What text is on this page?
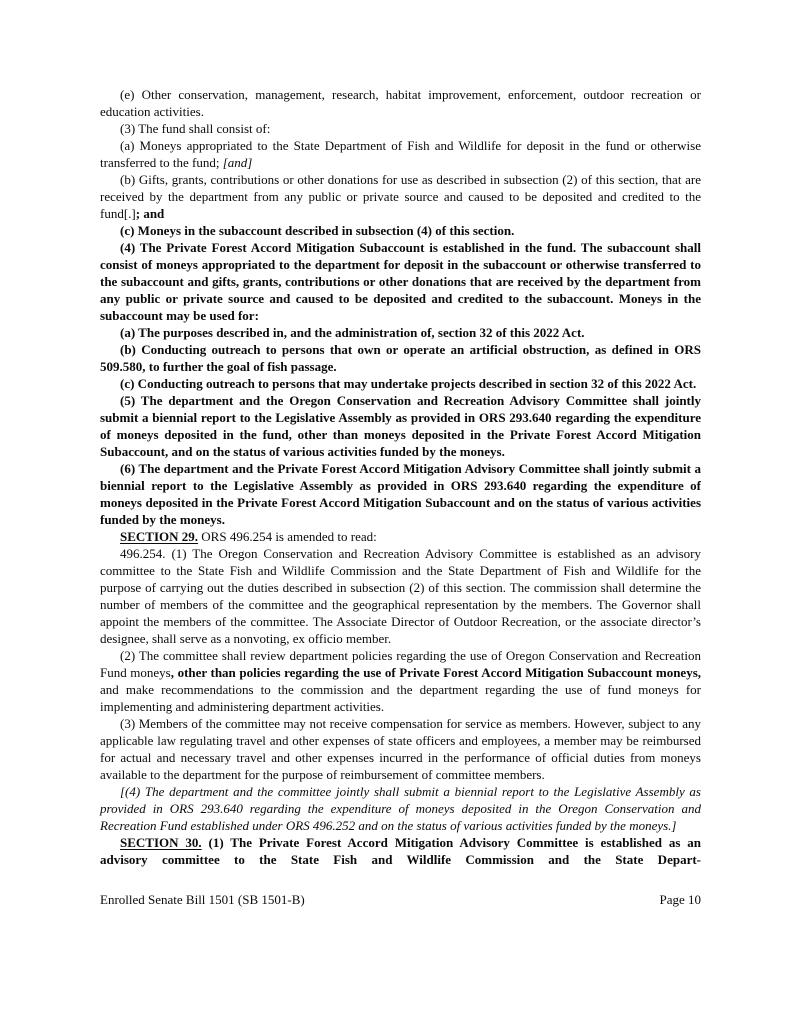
(e) Other conservation, management, research, habitat improvement, enforcement, outdoor recreation or education activities.

(3) The fund shall consist of:

(a) Moneys appropriated to the State Department of Fish and Wildlife for deposit in the fund or otherwise transferred to the fund; [and]

(b) Gifts, grants, contributions or other donations for use as described in subsection (2) of this section, that are received by the department from any public or private source and caused to be deposited and credited to the fund[.]; and

(c) Moneys in the subaccount described in subsection (4) of this section.

(4) The Private Forest Accord Mitigation Subaccount is established in the fund. The subaccount shall consist of moneys appropriated to the department for deposit in the subaccount or otherwise transferred to the subaccount and gifts, grants, contributions or other donations that are received by the department from any public or private source and caused to be deposited and credited to the subaccount. Moneys in the subaccount may be used for:

(a) The purposes described in, and the administration of, section 32 of this 2022 Act.

(b) Conducting outreach to persons that own or operate an artificial obstruction, as defined in ORS 509.580, to further the goal of fish passage.

(c) Conducting outreach to persons that may undertake projects described in section 32 of this 2022 Act.

(5) The department and the Oregon Conservation and Recreation Advisory Committee shall jointly submit a biennial report to the Legislative Assembly as provided in ORS 293.640 regarding the expenditure of moneys deposited in the fund, other than moneys deposited in the Private Forest Accord Mitigation Subaccount, and on the status of various activities funded by the moneys.

(6) The department and the Private Forest Accord Mitigation Advisory Committee shall jointly submit a biennial report to the Legislative Assembly as provided in ORS 293.640 regarding the expenditure of moneys deposited in the Private Forest Accord Mitigation Subaccount and on the status of various activities funded by the moneys.

SECTION 29. ORS 496.254 is amended to read:

496.254. (1) The Oregon Conservation and Recreation Advisory Committee is established as an advisory committee to the State Fish and Wildlife Commission and the State Department of Fish and Wildlife for the purpose of carrying out the duties described in subsection (2) of this section. The commission shall determine the number of members of the committee and the geographical representation by the members. The Governor shall appoint the members of the committee. The Associate Director of Outdoor Recreation, or the associate director’s designee, shall serve as a nonvoting, ex officio member.

(2) The committee shall review department policies regarding the use of Oregon Conservation and Recreation Fund moneys, other than policies regarding the use of Private Forest Accord Mitigation Subaccount moneys, and make recommendations to the commission and the department regarding the use of fund moneys for implementing and administering department activities.

(3) Members of the committee may not receive compensation for service as members. However, subject to any applicable law regulating travel and other expenses of state officers and employees, a member may be reimbursed for actual and necessary travel and other expenses incurred in the performance of official duties from moneys available to the department for the purpose of reimbursement of committee members.

[(4) The department and the committee jointly shall submit a biennial report to the Legislative Assembly as provided in ORS 293.640 regarding the expenditure of moneys deposited in the Oregon Conservation and Recreation Fund established under ORS 496.252 and on the status of various activities funded by the moneys.]

SECTION 30. (1) The Private Forest Accord Mitigation Advisory Committee is established as an advisory committee to the State Fish and Wildlife Commission and the State Depart-

Enrolled Senate Bill 1501 (SB 1501-B)	Page 10
